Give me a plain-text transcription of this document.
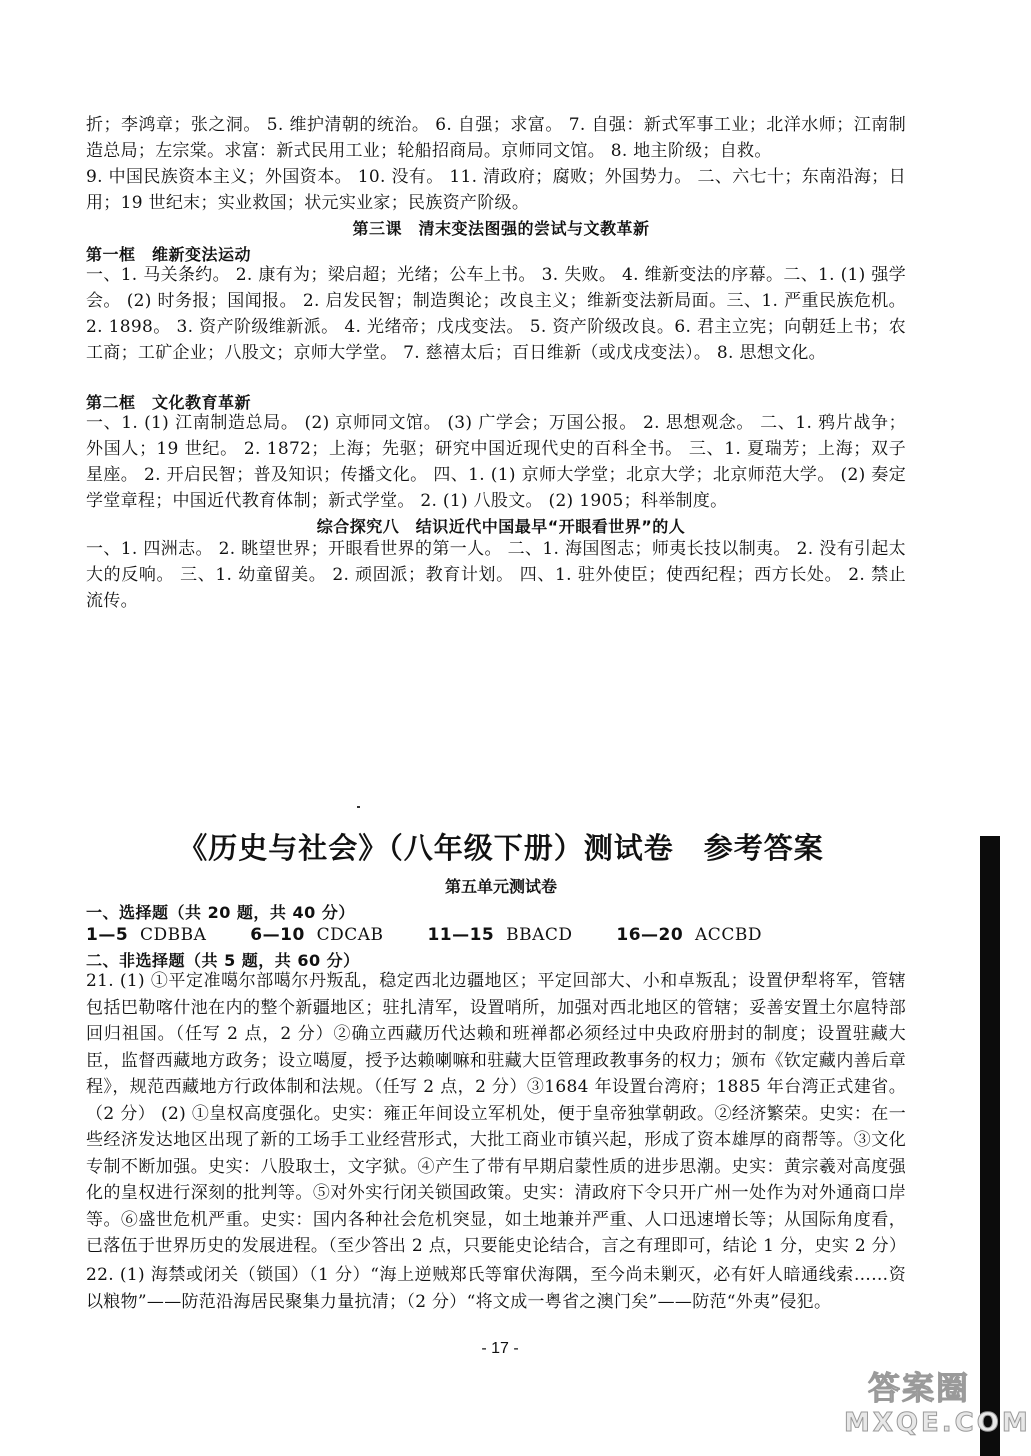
折；李鸿章；张之洞。 5. 维护清朝的统治。 6. 自强；求富。 7. 自强：新式军事工业；北洋水师；江南制造总局；左宗棠。求富：新式民用工业；轮船招商局。京师同文馆。 8. 地主阶级；自救。
9. 中国民族资本主义；外国资本。 10. 没有。 11. 清政府；腐败；外国势力。 二、六七十；东南沿海；日用；19 世纪末；实业救国；状元实业家；民族资产阶级。
第三课　清末变法图强的尝试与文教革新
第一框　维新变法运动
一、1. 马关条约。 2. 康有为；梁启超；光绪；公车上书。 3. 失败。 4. 维新变法的序幕。二、1. (1) 强学会。 (2) 时务报；国闻报。 2. 启发民智；制造舆论；改良主义；维新变法新局面。三、1. 严重民族危机。 2. 1898。 3. 资产阶级维新派。 4. 光绪帝；戊戌变法。 5. 资产阶级改良。6. 君主立宪；向朝廷上书；农工商；工矿企业；八股文；京师大学堂。 7. 慈禧太后；百日维新（或戊戌变法）。 8. 思想文化。
第二框　文化教育革新
一、1. (1) 江南制造总局。 (2) 京师同文馆。 (3) 广学会；万国公报。 2. 思想观念。 二、1. 鸦片战争；外国人；19 世纪。 2. 1872；上海；先驱；研究中国近现代史的百科全书。 三、1. 夏瑞芳；上海；双子星座。 2. 开启民智；普及知识；传播文化。 四、1. (1) 京师大学堂；北京大学；北京师范大学。 (2) 奏定学堂章程；中国近代教育体制；新式学堂。 2. (1) 八股文。 (2) 1905；科举制度。
综合探究八　结识近代中国最早“开眼看世界”的人
一、1. 四洲志。 2. 眺望世界；开眼看世界的第一人。 二、1. 海国图志；师夷长技以制夷。 2. 没有引起太大的反响。 三、1. 幼童留美。 2. 顽固派；教育计划。 四、1. 驻外使臣；使西纪程；西方长处。 2. 禁止流传。
《历史与社会》（八年级下册）测试卷　参考答案
第五单元测试卷
一、选择题（共 20 题，共 40 分）
1—5 CDBBA	6—10 CDCAB	11—15 BBACD	16—20 ACCBD
二、非选择题（共 5 题，共 60 分）
21. (1) ①平定准噶尔部噶尔丹叛乱，稳定西北边疆地区；平定回部大、小和卓叛乱；设置伊犁将军，管辖包括巴勒喀什池在内的整个新疆地区；驻扎清军，设置哨所，加强对西北地区的管辖；妥善安置土尔扈特部回归祖国。（任写 2 点，2 分）②确立西藏历代达赖和班禅都必须经过中央政府册封的制度；设置驻藏大臣，监督西藏地方政务；设立噶厦，授予达赖喇嘛和驻藏大臣管理政教事务的权力；颁布《钦定藏内善后章程》，规范西藏地方行政体制和法规。（任写 2 点，2 分）③1684 年设置台湾府；1885 年台湾正式建省。（2 分） (2) ①皇权高度强化。史实：雍正年间设立军机处，便于皇帝独掌朝政。②经济繁荣。史实：在一些经济发达地区出现了新的工场手工业经营形式，大批工商业市镇兴起，形成了资本雄厚的商帮等。③文化专制不断加强。史实：八股取士，文字狱。④产生了带有早期启蒙性质的进步思潮。史实：黄宗羲对高度强化的皇权进行深刻的批判等。⑤对外实行闭关锁国政策。史实：清政府下令只开广州一处作为对外通商口岸等。⑥盛世危机严重。史实：国内各种社会危机突显，如土地兼并严重、人口迅速增长等；从国际角度看，已落伍于世界历史的发展进程。（至少答出 2 点，只要能史论结合，言之有理即可，结论 1 分，史实 2 分）
22. (1) 海禁或闭关（锁国）（1 分）“海上逆贼郑氏等窜伏海隅，至今尚未剿灭，必有奸人暗通线索……资以粮物”——防范沿海居民聚集力量抗清；（2 分）“将文成一粤省之澳门矣”——防范“外夷”侵犯。
- 17 -
答案圈
MXQE.COM
